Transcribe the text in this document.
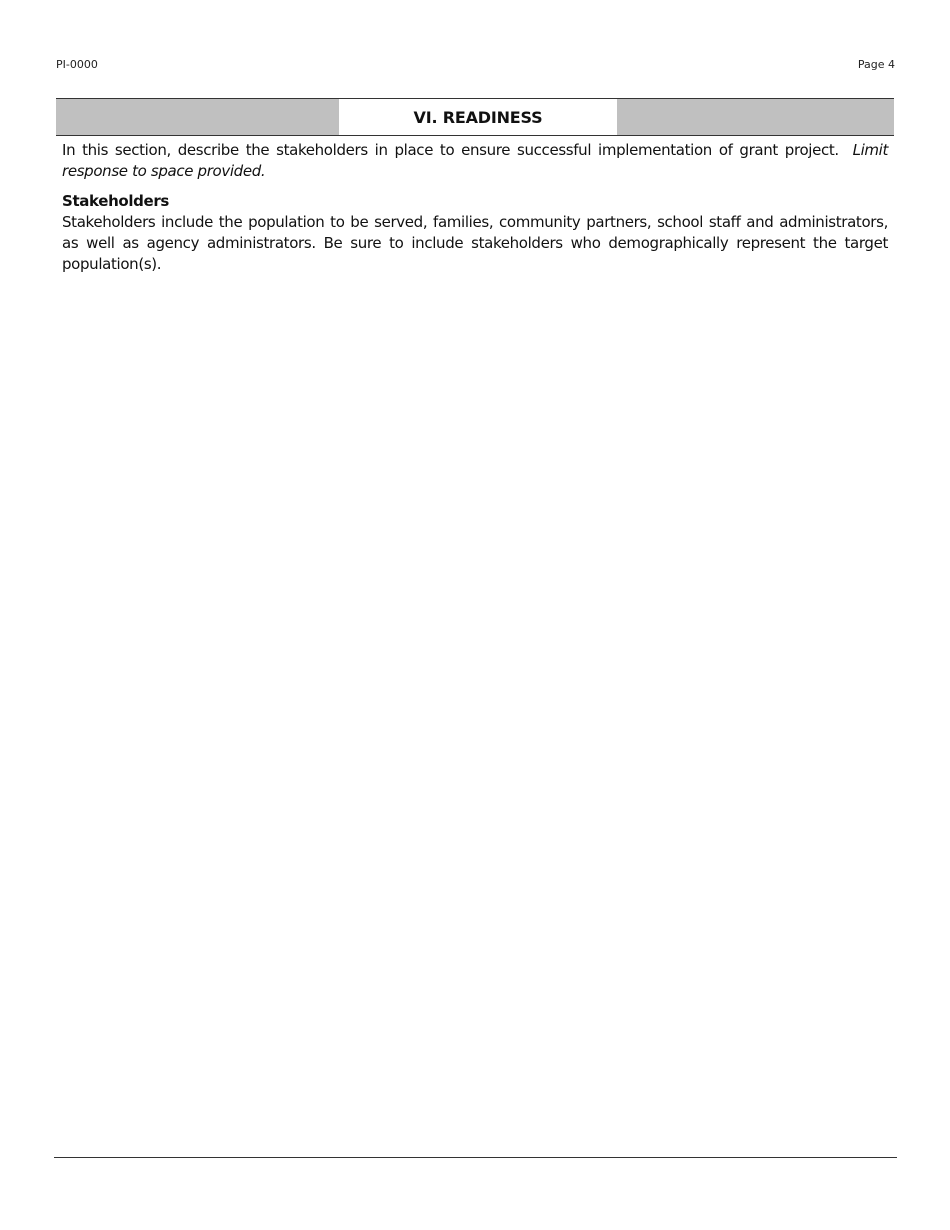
PI-0000	Page 4
VI. READINESS

In this section, describe the stakeholders in place to ensure successful implementation of grant project. Limit response to space provided.

Stakeholders

Stakeholders include the population to be served, families, community partners, school staff and administrators, as well as agency administrators. Be sure to include stakeholders who demographically represent the target population(s).
